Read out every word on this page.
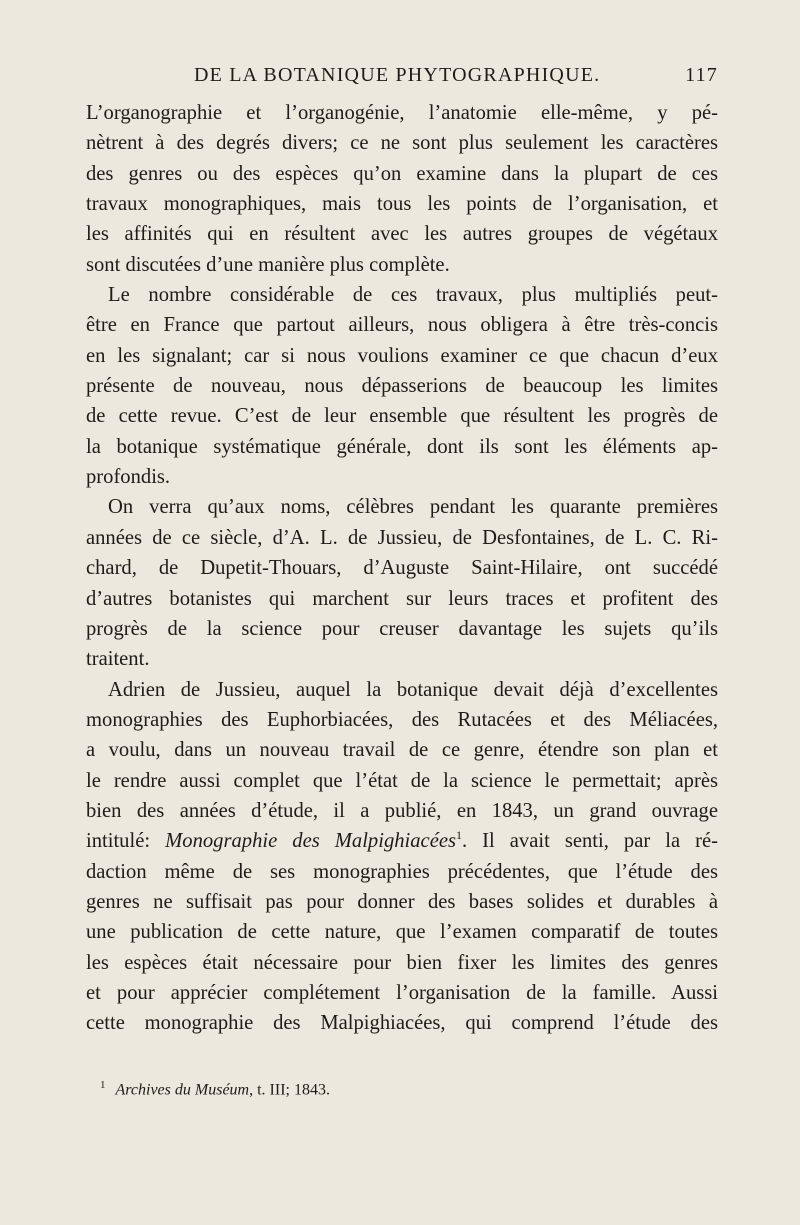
DE LA BOTANIQUE PHYTOGRAPHIQUE.	117
L’organographie et l’organogénie, l’anatomie elle-même, y pé-
nètrent à des degrés divers; ce ne sont plus seulement les caractères
des genres ou des espèces qu’on examine dans la plupart de ces
travaux monographiques, mais tous les points de l’organisation, et
les affinités qui en résultent avec les autres groupes de végétaux
sont discutées d’une manière plus complète.
Le nombre considérable de ces travaux, plus multipliés peut-
être en France que partout ailleurs, nous obligera à être très-concis
en les signalant; car si nous voulions examiner ce que chacun d’eux
présente de nouveau, nous dépasserions de beaucoup les limites
de cette revue. C’est de leur ensemble que résultent les progrès de
la botanique systématique générale, dont ils sont les éléments ap-
profondis.
On verra qu’aux noms, célèbres pendant les quarante premières
années de ce siècle, d’A. L. de Jussieu, de Desfontaines, de L. C. Ri-
chard, de Dupetit-Thouars, d’Auguste Saint-Hilaire, ont succédé
d’autres botanistes qui marchent sur leurs traces et profitent des
progrès de la science pour creuser davantage les sujets qu’ils
traitent.
Adrien de Jussieu, auquel la botanique devait déjà d’excellentes
monographies des Euphorbiacées, des Rutacées et des Méliacées,
a voulu, dans un nouveau travail de ce genre, étendre son plan et
le rendre aussi complet que l’état de la science le permettait; après
bien des années d’étude, il a publié, en 1843, un grand ouvrage
intitulé: Monographie des Malpighiacées$^1$. Il avait senti, par la ré-
daction même de ses monographies précédentes, que l’étude des
genres ne suffisait pas pour donner des bases solides et durables à
une publication de cette nature, que l’examen comparatif de toutes
les espèces était nécessaire pour bien fixer les limites des genres
et pour apprécier complétement l’organisation de la famille. Aussi
cette monographie des Malpighiacées, qui comprend l’étude des
$^1$ Archives du Muséum, t. III; 1843.
